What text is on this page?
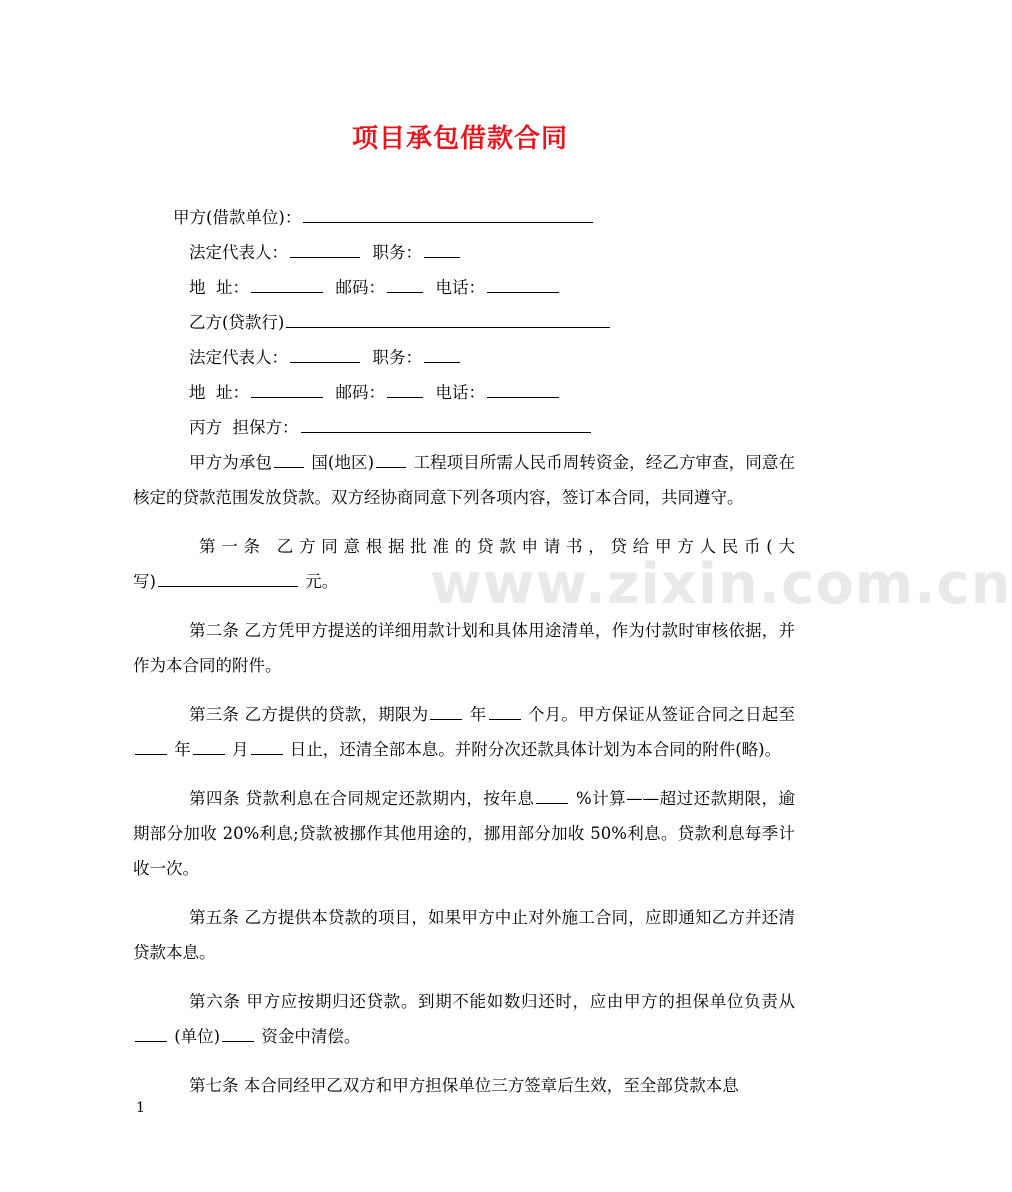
www.zixin.com.cn
项目承包借款合同
甲方(借款单位)：
法定代表人：	职务：
地  址：	邮码：	电话：
乙方(贷款行)
法定代表人：	职务：
地  址：	邮码：	电话：
丙方  担保方：

甲方为承包 国(地区) 工程项目所需人民币周转资金，经乙方审查，同意在核定的贷款范围发放贷款。双方经协商同意下列各项内容，签订本合同，共同遵守。

第一条 乙方同意根据批准的贷款申请书，贷给甲方人民币(大
写)	元。

第二条 乙方凭甲方提送的详细用款计划和具体用途清单，作为付款时审核依据，并作为本合同的附件。

第三条 乙方提供的贷款，期限为	年	个月。甲方保证从签证合同之日起至 年	月	日止，还清全部本息。并附分次还款具体计划为本合同的附件(略)。

第四条 贷款利息在合同规定还款期内，按年息	%计算——超过还款期限，逾期部分加收 20%利息;贷款被挪作其他用途的，挪用部分加收 50%利息。贷款利息每季计收一次。

第五条 乙方提供本贷款的项目，如果甲方中止对外施工合同，应即通知乙方并还清贷款本息。

第六条 甲方应按期归还贷款。到期不能如数归还时，应由甲方的担保单位负责从 (单位)	资金中清偿。

第七条 本合同经甲乙双方和甲方担保单位三方签章后生效，至全部贷款本息

1
